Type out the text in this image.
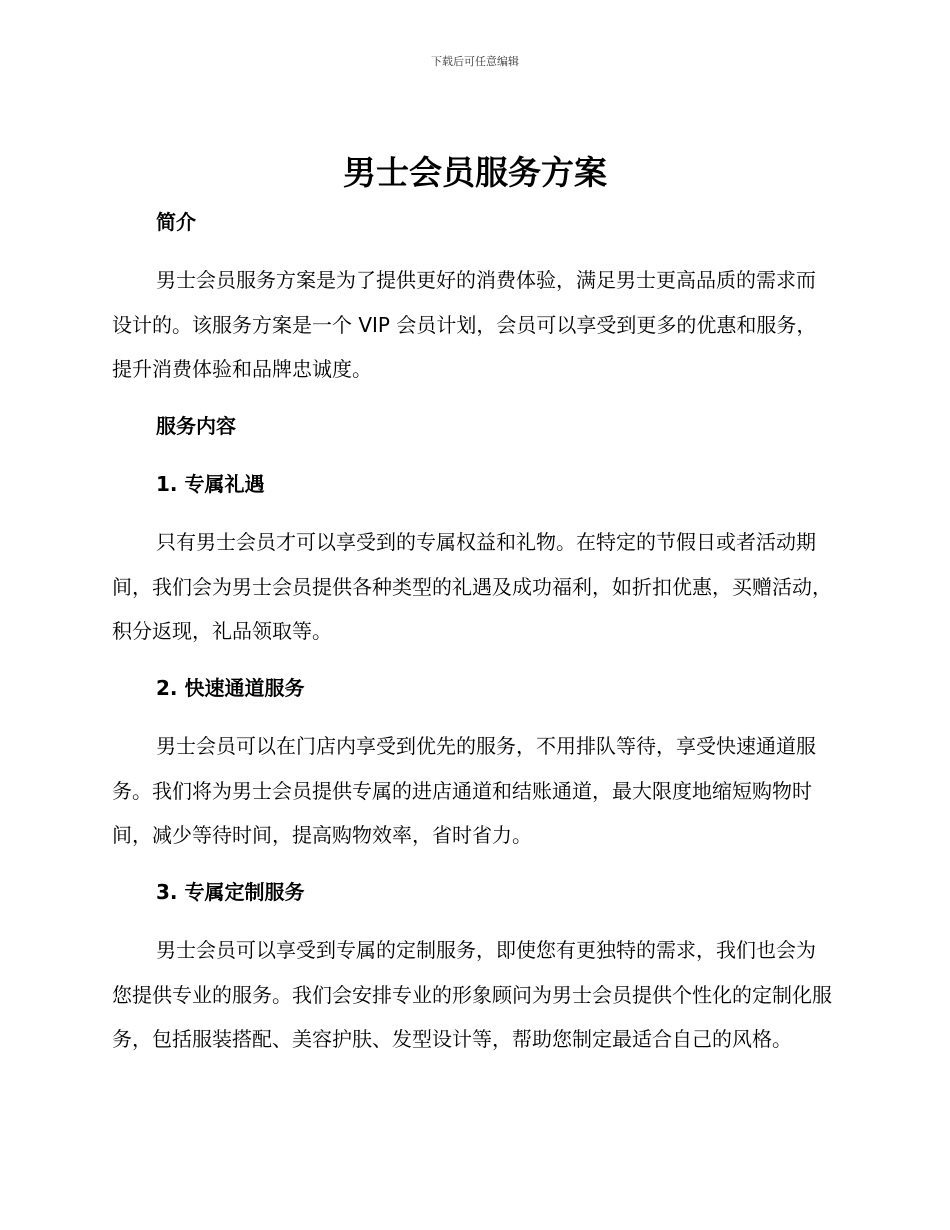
下载后可任意编辑
男士会员服务方案
简介

男士会员服务方案是为了提供更好的消费体验，满足男士更高品质的需求而设计的。该服务方案是一个 VIP 会员计划，会员可以享受到更多的优惠和服务，提升消费体验和品牌忠诚度。

服务内容
1. 专属礼遇

只有男士会员才可以享受到的专属权益和礼物。在特定的节假日或者活动期间，我们会为男士会员提供各种类型的礼遇及成功福利，如折扣优惠，买赠活动，积分返现，礼品领取等。

2. 快速通道服务

男士会员可以在门店内享受到优先的服务，不用排队等待，享受快速通道服务。我们将为男士会员提供专属的进店通道和结账通道，最大限度地缩短购物时间，减少等待时间，提高购物效率，省时省力。

3. 专属定制服务

男士会员可以享受到专属的定制服务，即使您有更独特的需求，我们也会为您提供专业的服务。我们会安排专业的形象顾问为男士会员提供个性化的定制化服务，包括服装搭配、美容护肤、发型设计等，帮助您制定最适合自己的风格。
